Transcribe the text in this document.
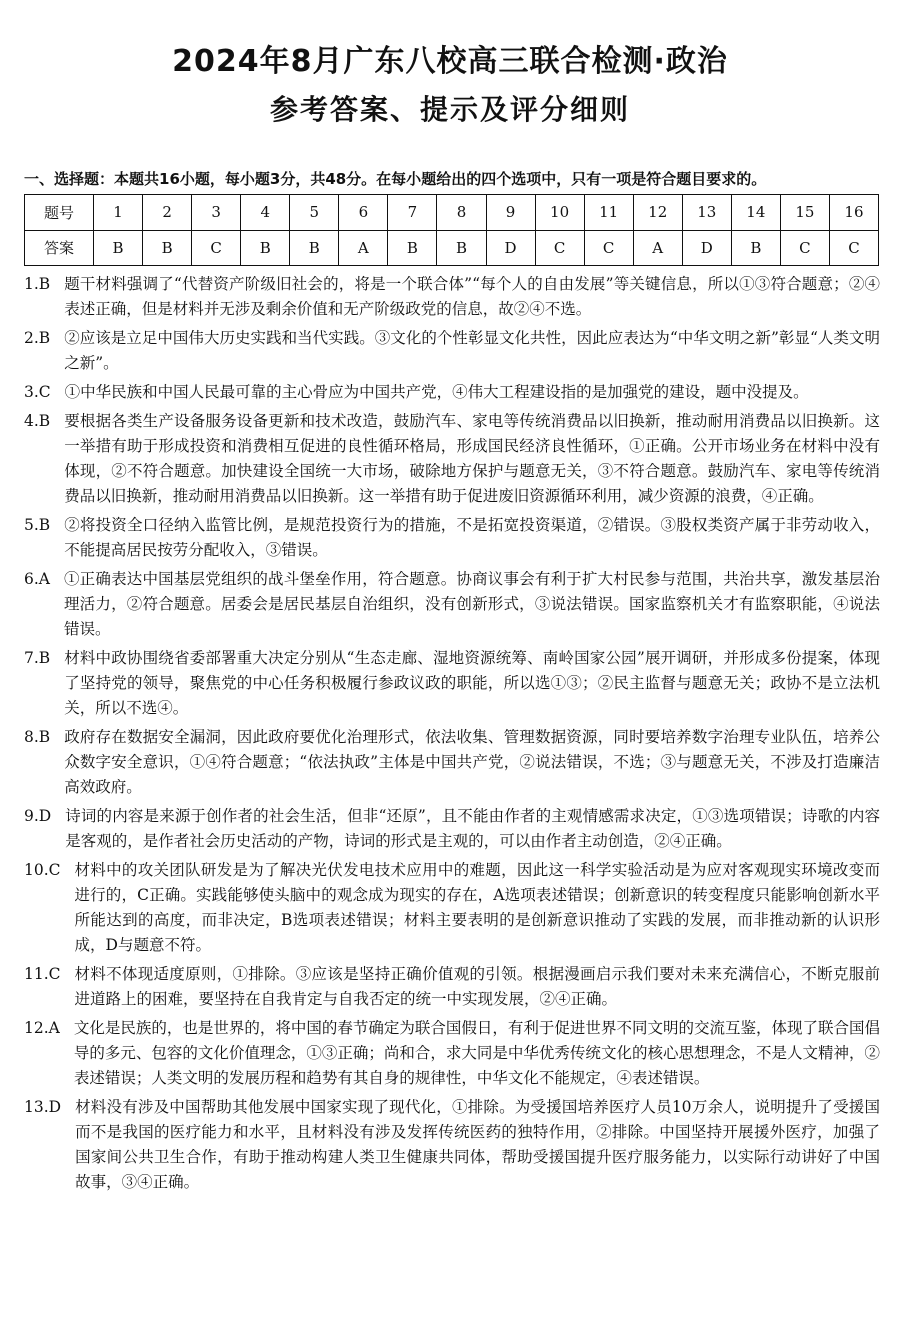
2024年8月广东八校高三联合检测·政治
参考答案、提示及评分细则
一、选择题：本题共16小题，每小题3分，共48分。在每小题给出的四个选项中，只有一项是符合题目要求的。
题号	1	2	3	4	5	6	7	8	9	10	11	12	13	14	15	16
答案	B	B	C	B	B	A	B	B	D	C	C	A	D	B	C	C
1.B 题干材料强调了“代替资产阶级旧社会的，将是一个联合体”“每个人的自由发展”等关键信息，所以①③符合题意；②④表述正确，但是材料并无涉及剩余价值和无产阶级政党的信息，故②④不选。

2.B ②应该是立足中国伟大历史实践和当代实践。③文化的个性彰显文化共性，因此应表达为“中华文明之新”彰显“人类文明之新”。

3.C ①中华民族和中国人民最可靠的主心骨应为中国共产党，④伟大工程建设指的是加强党的建设，题中没提及。

4.B 要根据各类生产设备服务设备更新和技术改造，鼓励汽车、家电等传统消费品以旧换新，推动耐用消费品以旧换新。这一举措有助于形成投资和消费相互促进的良性循环格局，形成国民经济良性循环，①正确。公开市场业务在材料中没有体现，②不符合题意。加快建设全国统一大市场，破除地方保护与题意无关，③不符合题意。鼓励汽车、家电等传统消费品以旧换新，推动耐用消费品以旧换新。这一举措有助于促进废旧资源循环利用，减少资源的浪费，④正确。

5.B ②将投资全口径纳入监管比例，是规范投资行为的措施，不是拓宽投资渠道，②错误。③股权类资产属于非劳动收入，不能提高居民按劳分配收入，③错误。

6.A ①正确表达中国基层党组织的战斗堡垒作用，符合题意。协商议事会有利于扩大村民参与范围，共治共享，激发基层治理活力，②符合题意。居委会是居民基层自治组织，没有创新形式，③说法错误。国家监察机关才有监察职能，④说法错误。

7.B 材料中政协围绕省委部署重大决定分别从“生态走廊、湿地资源统筹、南岭国家公园”展开调研，并形成多份提案，体现了坚持党的领导，聚焦党的中心任务积极履行参政议政的职能，所以选①③；②民主监督与题意无关；政协不是立法机关，所以不选④。

8.B 政府存在数据安全漏洞，因此政府要优化治理形式，依法收集、管理数据资源，同时要培养数字治理专业队伍，培养公众数字安全意识，①④符合题意；“依法执政”主体是中国共产党，②说法错误，不选；③与题意无关，不涉及打造廉洁高效政府。

9.D 诗词的内容是来源于创作者的社会生活，但非“还原”，且不能由作者的主观情感需求决定，①③选项错误；诗歌的内容是客观的，是作者社会历史活动的产物，诗词的形式是主观的，可以由作者主动创造，②④正确。

10.C 材料中的攻关团队研发是为了解决光伏发电技术应用中的难题，因此这一科学实验活动是为应对客观现实环境改变而进行的，C正确。实践能够使头脑中的观念成为现实的存在，A选项表述错误；创新意识的转变程度只能影响创新水平所能达到的高度，而非决定，B选项表述错误；材料主要表明的是创新意识推动了实践的发展，而非推动新的认识形成，D与题意不符。

11.C 材料不体现适度原则，①排除。③应该是坚持正确价值观的引领。根据漫画启示我们要对未来充满信心，不断克服前进道路上的困难，要坚持在自我肯定与自我否定的统一中实现发展，②④正确。

12.A 文化是民族的，也是世界的，将中国的春节确定为联合国假日，有利于促进世界不同文明的交流互鉴，体现了联合国倡导的多元、包容的文化价值理念，①③正确；尚和合，求大同是中华优秀传统文化的核心思想理念，不是人文精神，②表述错误；人类文明的发展历程和趋势有其自身的规律性，中华文化不能规定，④表述错误。

13.D 材料没有涉及中国帮助其他发展中国家实现了现代化，①排除。为受援国培养医疗人员10万余人，说明提升了受援国而不是我国的医疗能力和水平，且材料没有涉及发挥传统医药的独特作用，②排除。中国坚持开展援外医疗，加强了国家间公共卫生合作，有助于推动构建人类卫生健康共同体，帮助受援国提升医疗服务能力，以实际行动讲好了中国故事，③④正确。
